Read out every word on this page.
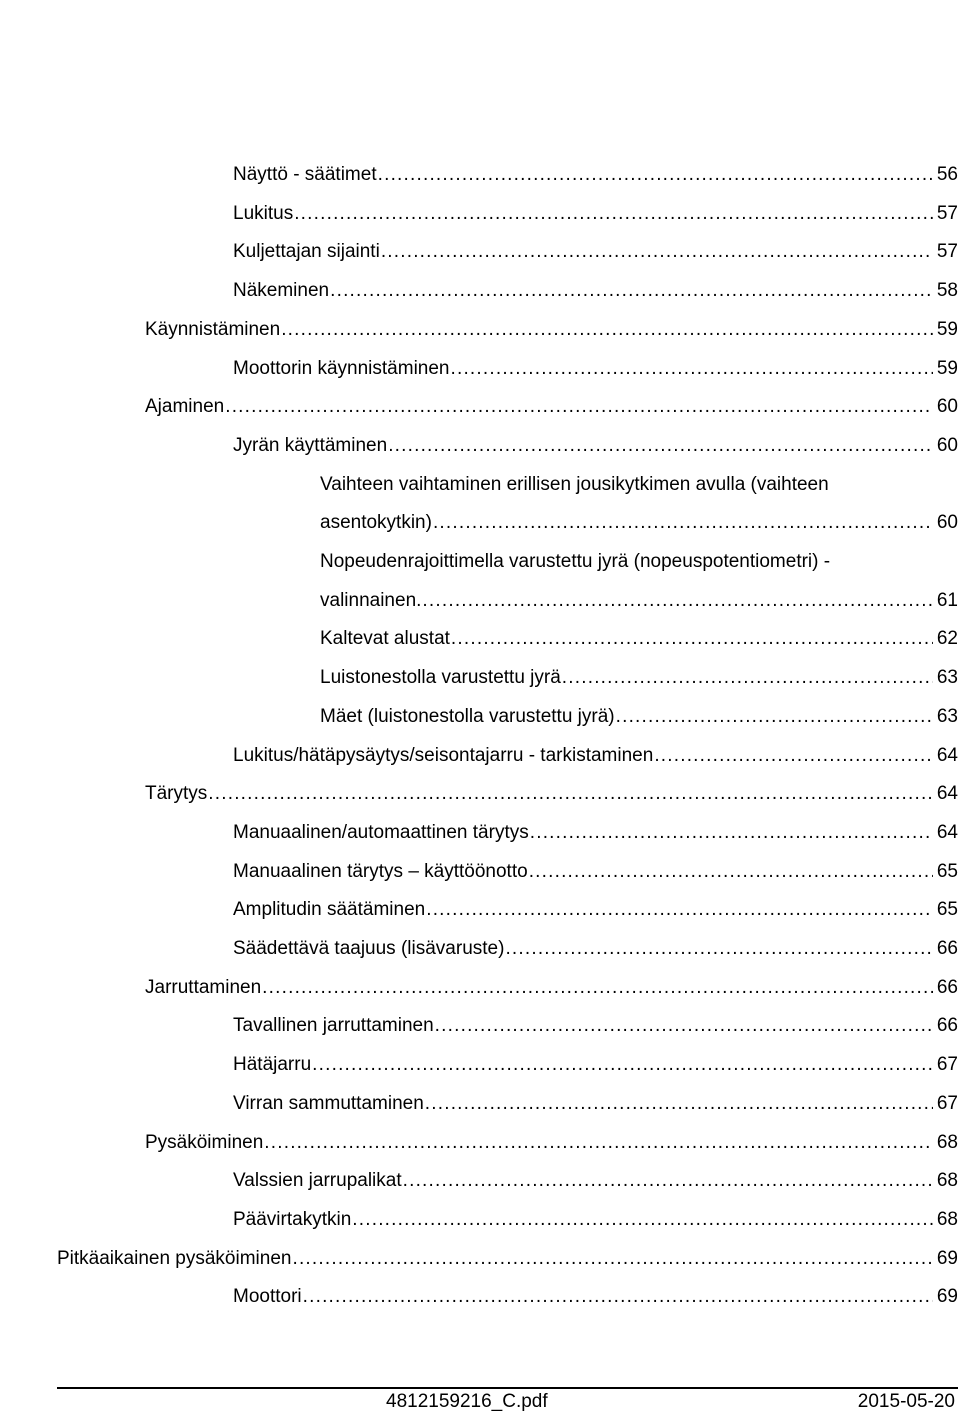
Näyttö - säätimet .....	56
Lukitus .....	57
Kuljettajan sijainti .....	57
Näkeminen .....	58
Käynnistäminen .....	59
Moottorin käynnistäminen .....	59
Ajaminen .....	60
Jyrän käyttäminen .....	60
Vaihteen vaihtaminen erillisen jousikytkimen avulla (vaihteen
asentokytkin) .....	60
Nopeudenrajoittimella varustettu jyrä (nopeuspotentiometri) -
valinnainen. .....	61
Kaltevat alustat .....	62
Luistonestolla varustettu jyrä .....	63
Mäet (luistonestolla varustettu jyrä) .....	63
Lukitus/hätäpysäytys/seisontajarru - tarkistaminen .....	64
Tärytys .....	64
Manuaalinen/automaattinen tärytys .....	64
Manuaalinen tärytys – käyttöönotto .....	65
Amplitudin säätäminen .....	65
Säädettävä taajuus (lisävaruste) .....	66
Jarruttaminen .....	66
Tavallinen jarruttaminen .....	66
Hätäjarru .....	67
Virran sammuttaminen .....	67
Pysäköiminen .....	68
Valssien jarrupalikat .....	68
Päävirtakytkin .....	68
Pitkäaikainen pysäköiminen .....	69
Moottori .....	69
4812159216_C.pdf	2015-05-20
